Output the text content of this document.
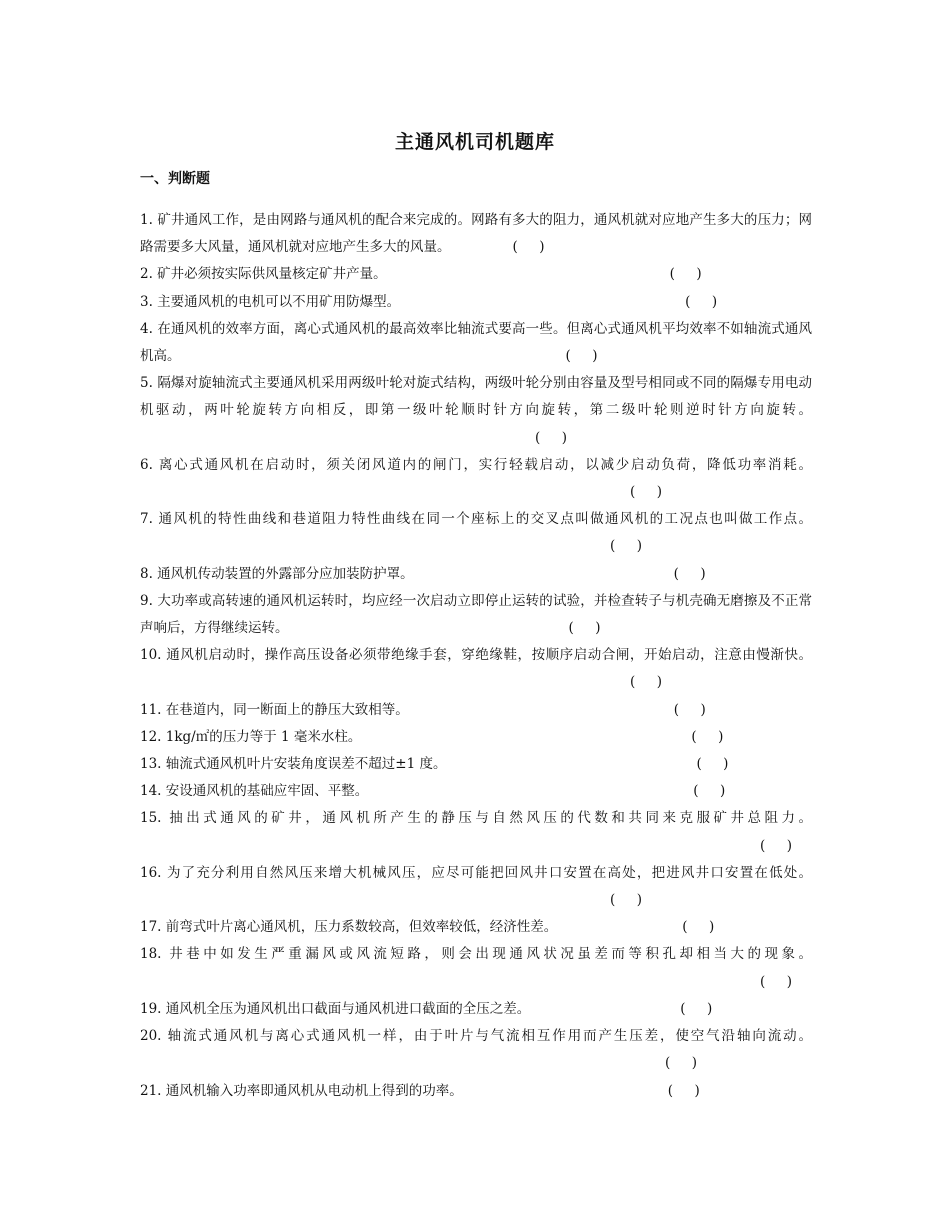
主通风机司机题库
一、判断题
1. 矿井通风工作，是由网路与通风机的配合来完成的。网路有多大的阻力，通风机就对应地产生多大的压力；网路需要多大风量，通风机就对应地产生多大的风量。	(     )
2. 矿井必须按实际供风量核定矿井产量。	(     )
3. 主要通风机的电机可以不用矿用防爆型。	(     )
4. 在通风机的效率方面，离心式通风机的最高效率比轴流式要高一些。但离心式通风机平均效率不如轴流式通风机高。	(     )
5. 隔爆对旋轴流式主要通风机采用两级叶轮对旋式结构，两级叶轮分别由容量及型号相同或不同的隔爆专用电动机驱动，两叶轮旋转方向相反，即第一级叶轮顺时针方向旋转，第二级叶轮则逆时针方向旋转。(     )
6. 离心式通风机在启动时，须关闭风道内的闸门，实行轻载启动，以减少启动负荷，降低功率消耗。(     )
7. 通风机的特性曲线和巷道阻力特性曲线在同一个座标上的交叉点叫做通风机的工况点也叫做工作点。(     )
8. 通风机传动装置的外露部分应加装防护罩。	(     )
9. 大功率或高转速的通风机运转时，均应经一次启动立即停止运转的试验，并检查转子与机壳确无磨擦及不正常声响后，方得继续运转。	(     )
10. 通风机启动时，操作高压设备必须带绝缘手套，穿绝缘鞋，按顺序启动合闸，开始启动，注意由慢渐快。(     )
11. 在巷道内，同一断面上的静压大致相等。	(     )
12. 1kg/㎡的压力等于 1 毫米水柱。	(     )
13. 轴流式通风机叶片安装角度误差不超过±1 度。	(     )
14. 安设通风机的基础应牢固、平整。	(     )
15. 抽出式通风的矿井，通风机所产生的静压与自然风压的代数和共同来克服矿井总阻力。(     )
16. 为了充分利用自然风压来增大机械风压，应尽可能把回风井口安置在高处，把进风井口安置在低处。(     )
17. 前弯式叶片离心通风机，压力系数较高，但效率较低，经济性差。	(     )
18. 井巷中如发生严重漏风或风流短路，则会出现通风状况虽差而等积孔却相当大的现象。(     )
19. 通风机全压为通风机出口截面与通风机进口截面的全压之差。	(     )
20. 轴流式通风机与离心式通风机一样，由于叶片与气流相互作用而产生压差，使空气沿轴向流动。(     )
21. 通风机输入功率即通风机从电动机上得到的功率。	(     )
